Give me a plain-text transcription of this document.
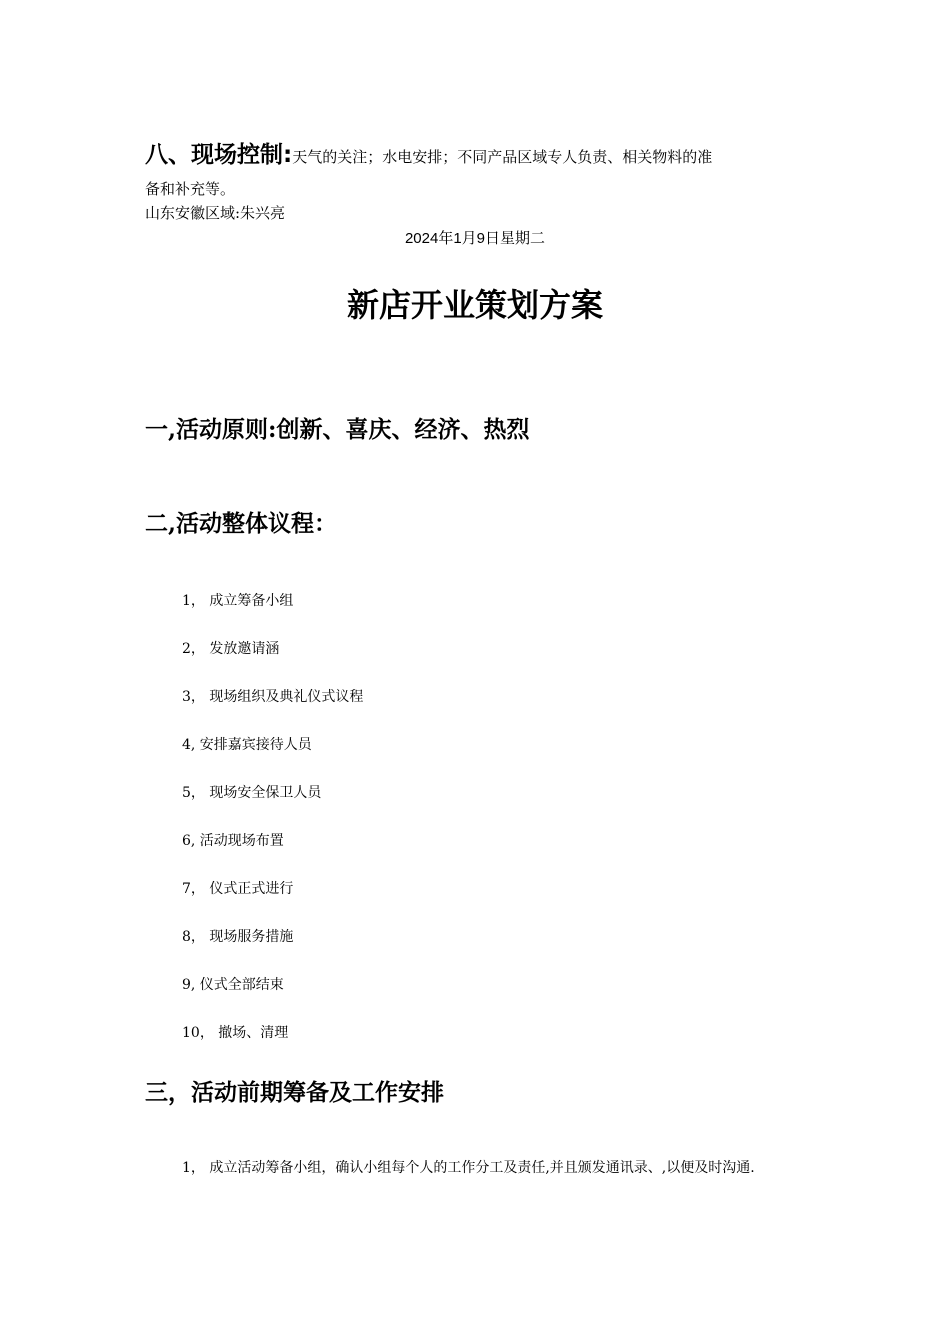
八、现场控制:天气的关注；水电安排；不同产品区域专人负责、相关物料的准
备和补充等。
山东安徽区域:朱兴亮
2024年1月9日星期二
新店开业策划方案
一,活动原则:创新、喜庆、经济、热烈
二,活动整体议程：
1， 成立筹备小组
2， 发放邀请涵
3， 现场组织及典礼仪式议程
4, 安排嘉宾接待人员
5， 现场安全保卫人员
6, 活动现场布置
7， 仪式正式进行
8， 现场服务措施
9, 仪式全部结束
10， 撤场、清理
三，活动前期筹备及工作安排
1， 成立活动筹备小组，确认小组每个人的工作分工及责任,并且颁发通讯录、,以便及时沟通.
